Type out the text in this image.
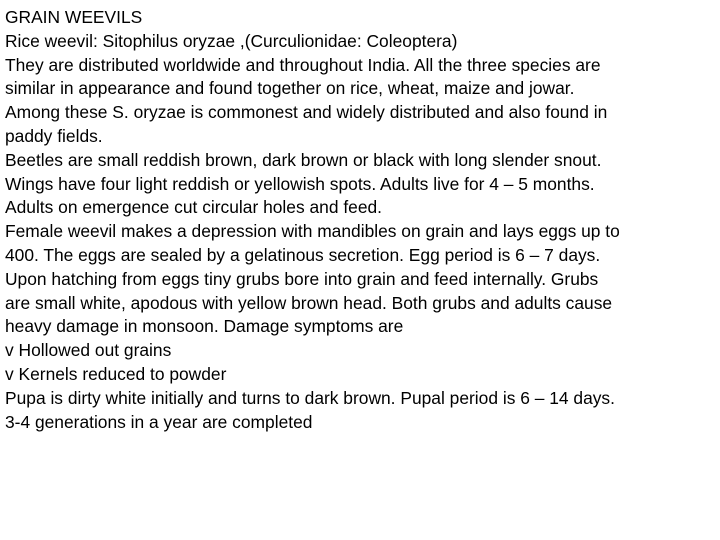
GRAIN WEEVILS
Rice weevil: Sitophilus oryzae ,(Curculionidae: Coleoptera)
They are distributed worldwide and throughout India. All the three species are
similar in appearance and found together on rice, wheat, maize and jowar.
Among these S. oryzae is commonest and widely distributed and also found in
paddy fields.
Beetles are small reddish brown, dark brown or black with long slender snout.
Wings have four light reddish or yellowish spots. Adults live for 4 – 5 months.
Adults on emergence cut circular holes and feed.
Female weevil makes a depression with mandibles on grain and lays eggs up to
400. The eggs are sealed by a gelatinous secretion. Egg period is 6 – 7 days.
Upon hatching from eggs tiny grubs bore into grain and feed internally. Grubs
are small white, apodous with yellow brown head. Both grubs and adults cause
heavy damage in monsoon. Damage symptoms are
v Hollowed out grains
v Kernels reduced to powder
Pupa is dirty white initially and turns to dark brown. Pupal period is 6 – 14 days.
3-4 generations in a year are completed
